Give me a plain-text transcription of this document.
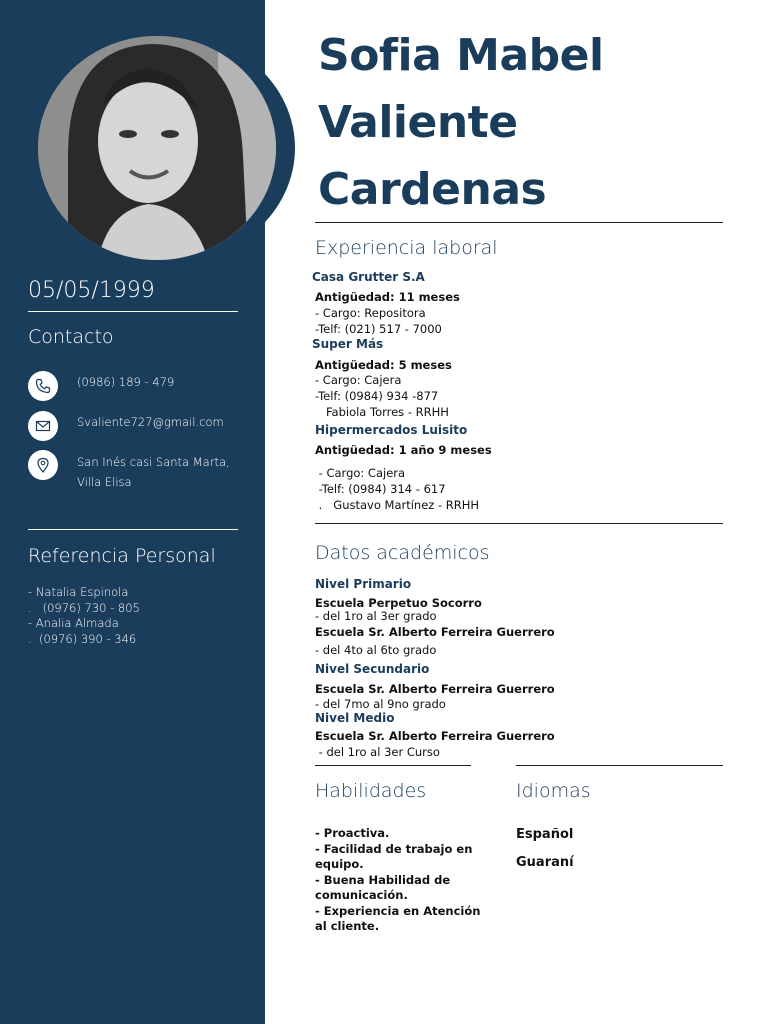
05/05/1999
Contacto
(0986) 189 - 479
Svaliente727@gmail.com
San Inés casi Santa Marta,
Villa Elisa
Referencia Personal
- Natalia Espinola
.   (0976) 730 - 805
- Analia Almada
.  (0976) 390 - 346
Sofia Mabel
Valiente
Cardenas
Experiencia laboral
Casa Grutter S.A
Antigüedad: 11 meses
- Cargo: Repositora
-Telf: (021) 517 - 7000
Super Más
Antigüedad: 5 meses
- Cargo: Cajera
-Telf: (0984) 934 -877
Fabiola Torres - RRHH
Hipermercados Luisito
Antigüedad: 1 año 9 meses
- Cargo: Cajera
-Telf: (0984) 314 - 617
.   Gustavo Martínez - RRHH
Datos académicos
Nivel Primario
Escuela Perpetuo Socorro
- del 1ro al 3er grado
Escuela Sr. Alberto Ferreira Guerrero
- del 4to al 6to grado
Nivel Secundario
Escuela Sr. Alberto Ferreira Guerrero
- del 7mo al 9no grado
Nivel Medio
Escuela Sr. Alberto Ferreira Guerrero
- del 1ro al 3er Curso
Habilidades	Idiomas
- Proactiva.
- Facilidad de trabajo en equipo.
- Buena Habilidad de comunicación.
- Experiencia en Atención al cliente.
Español
Guaraní
